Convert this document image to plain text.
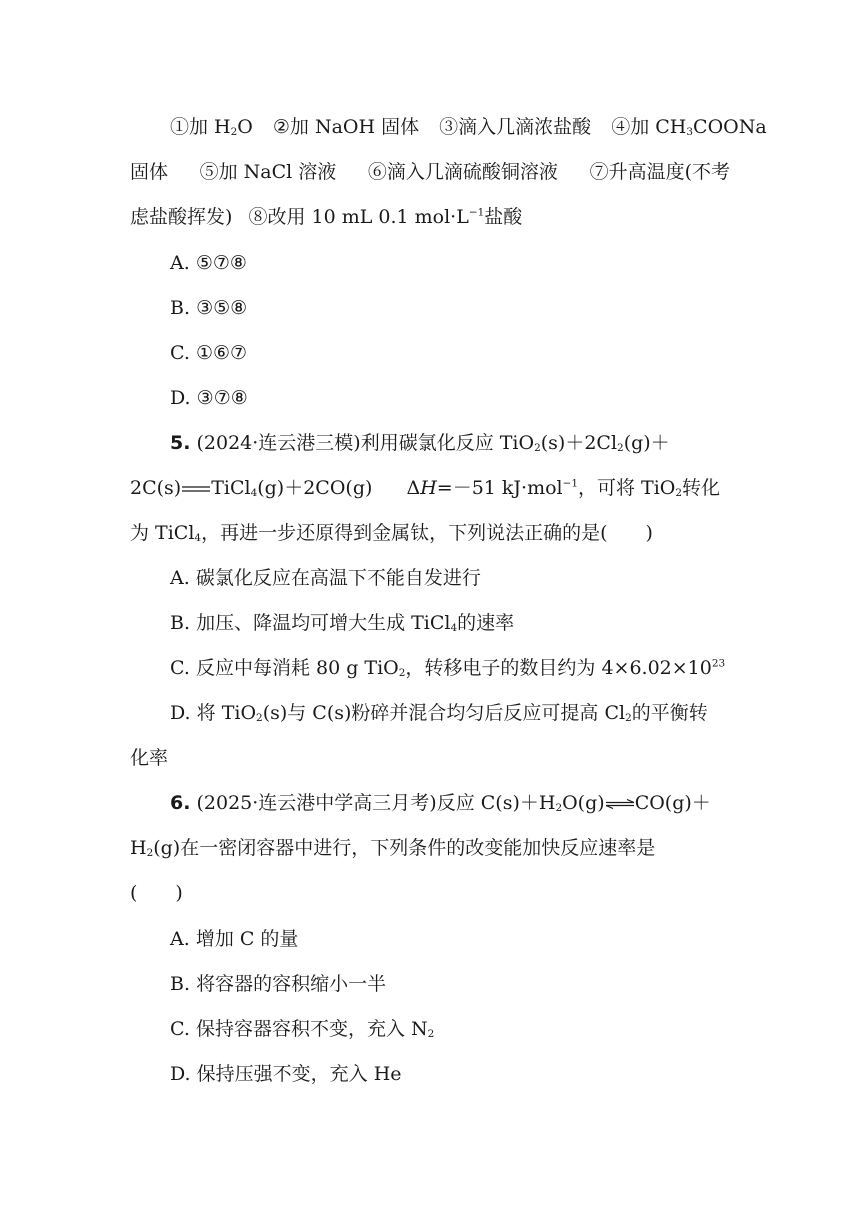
①加 $H_2O$ ②加 NaOH 固体 ③滴入几滴浓盐酸 ④加 $CH_3COONa$
固体 ⑤加 NaCl 溶液 ⑥滴入几滴硫酸铜溶液 ⑦升高温度(不考
虑盐酸挥发) ⑧改用 10 mL 0.1 $mol\cdot L^{-1}$盐酸
A. ⑤⑦⑧
B. ③⑤⑧
C. ①⑥⑦
D. ③⑦⑧
5. (2024·连云港三模)利用碳氯化反应 $TiO_2(s)+2Cl_2(g)+$
2C(s) TiCl$_4$(g)＋2CO(g) ΔH=－51 kJ·mol$^{-1}$，可将 TiO$_2$转化
为 TiCl$_4$，再进一步还原得到金属钛，下列说法正确的是(　　)
A. 碳氯化反应在高温下不能自发进行
B. 加压、降温均可增大生成 TiCl$_4$的速率
C. 反应中每消耗 80 g TiO$_2$，转移电子的数目约为 $4\times 6.02\times 10^{23}$
D. 将 TiO$_2$(s)与 C(s)粉碎并混合均匀后反应可提高 $Cl_2$的平衡转
化率
6. (2025·连云港中学高三月考)反应 $C(s)+H_2O(g)\rightleftharpoons CO(g)+$
$H_2(g)$在一密闭容器中进行，下列条件的改变能加快反应速率是
(　　)
A. 增加 C 的量
B. 将容器的容积缩小一半
C. 保持容器容积不变，充入 $N_2$
D. 保持压强不变，充入 He
